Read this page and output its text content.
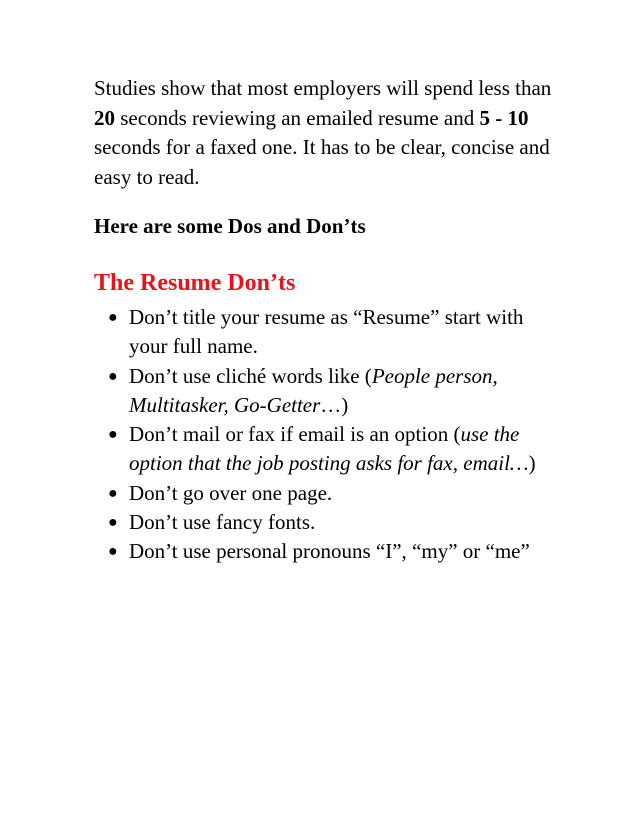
Studies show that most employers will spend less than 20 seconds reviewing an emailed resume and 5 - 10 seconds for a faxed one. It has to be clear, concise and easy to read.

Here are some Dos and Don’ts
The Resume Don’ts
● Don’t title your resume as “Resume” start with your full name.
● Don’t use cliché words like (People person, Multitasker, Go-Getter…)
● Don’t mail or fax if email is an option (use the option that the job posting asks for fax, email…)
● Don’t go over one page.
● Don’t use fancy fonts.
● Don’t use personal pronouns “I”, “my” or “me”
